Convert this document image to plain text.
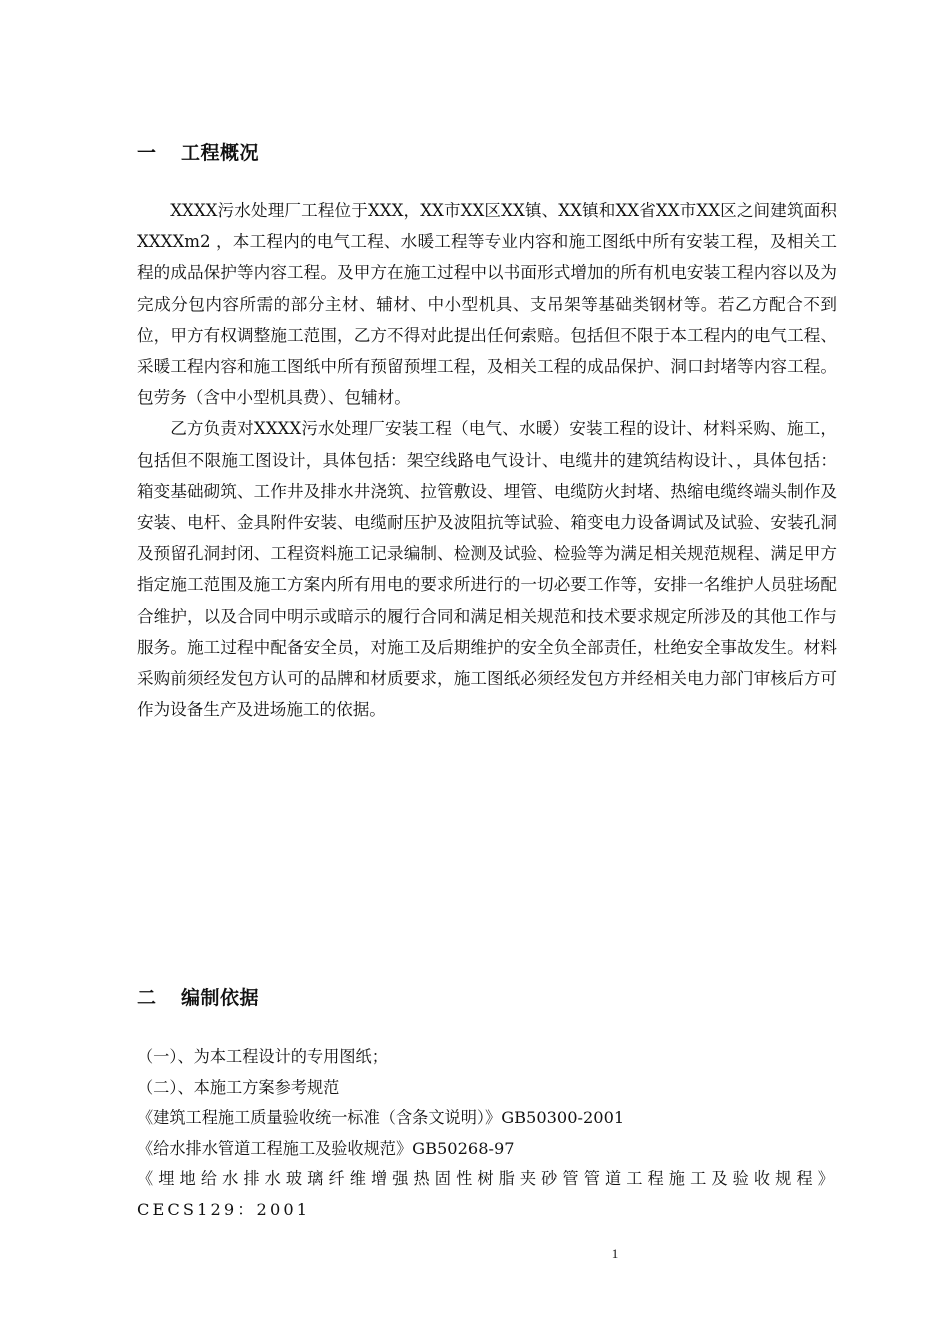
一 工程概况

XXXX污水处理厂工程位于XXX，XX市XX区XX镇、XX镇和XX省XX市XX区之间建筑面积XXXXm2 ，本工程内的电气工程、水暖工程等专业内容和施工图纸中所有安装工程，及相关工程的成品保护等内容工程。及甲方在施工过程中以书面形式增加的所有机电安装工程内容以及为完成分包内容所需的部分主材、辅材、中小型机具、支吊架等基础类钢材等。若乙方配合不到位，甲方有权调整施工范围，乙方不得对此提出任何索赔。包括但不限于本工程内的电气工程、采暖工程内容和施工图纸中所有预留预埋工程，及相关工程的成品保护、洞口封堵等内容工程。包劳务（含中小型机具费）、包辅材。

乙方负责对XXXX污水处理厂安装工程（电气、水暖）安装工程的设计、材料采购、施工，包括但不限施工图设计，具体包括：架空线路电气设计、电缆井的建筑结构设计、，具体包括：箱变基础砌筑、工作井及排水井浇筑、拉管敷设、埋管、电缆防火封堵、热缩电缆终端头制作及安装、电杆、金具附件安装、电缆耐压护及波阻抗等试验、箱变电力设备调试及试验、安装孔洞及预留孔洞封闭、工程资料施工记录编制、检测及试验、检验等为满足相关规范规程、满足甲方指定施工范围及施工方案内所有用电的要求所进行的一切必要工作等，安排一名维护人员驻场配合维护，以及合同中明示或暗示的履行合同和满足相关规范和技术要求规定所涉及的其他工作与服务。施工过程中配备安全员，对施工及后期维护的安全负全部责任，杜绝安全事故发生。材料采购前须经发包方认可的品牌和材质要求，施工图纸必须经发包方并经相关电力部门审核后方可作为设备生产及进场施工的依据。

二 编制依据
（一）、为本工程设计的专用图纸；
（二）、本施工方案参考规范
《建筑工程施工质量验收统一标准（含条文说明）》GB50300-2001
《给水排水管道工程施工及验收规范》GB50268-97
《埋地给水排水玻璃纤维增强热固性树脂夹砂管管道工程施工及验收规程》CECS129：2001
1
